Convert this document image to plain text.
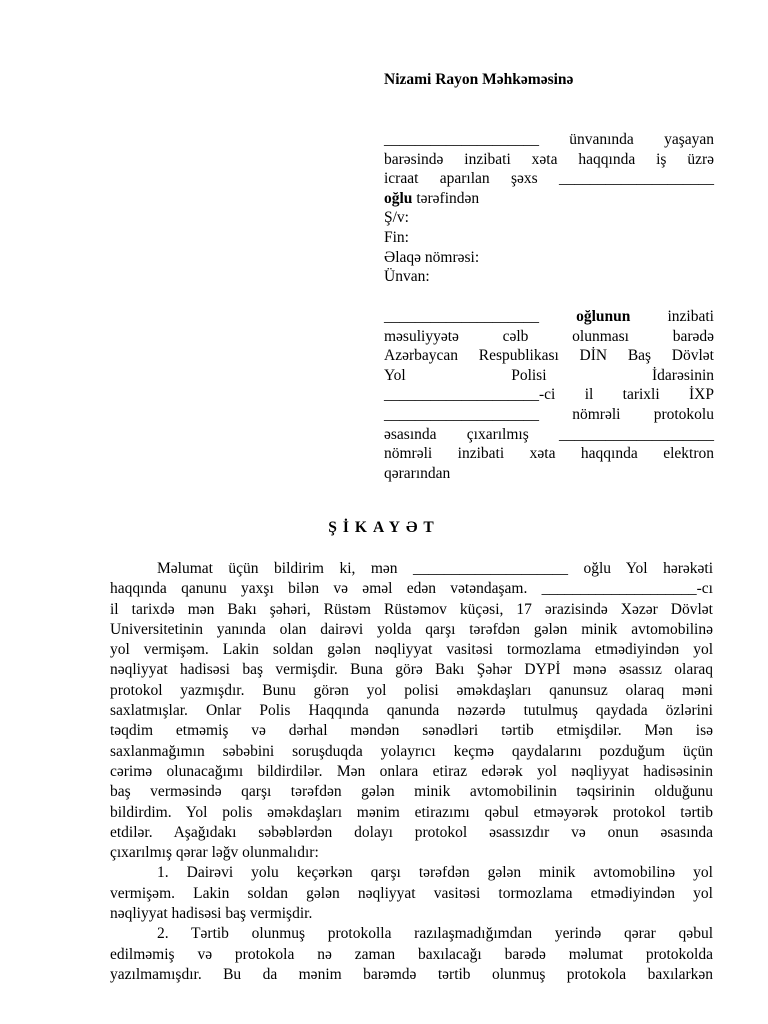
Nizami Rayon Məhkəməsinə
____________________ ünvanında yaşayan
barəsində inzibati xəta haqqında iş üzrə
icraat aparılan şəxs ____________________
oğlu tərəfindən
Ş/v:
Fin:
Əlaqə nömrəsi:
Ünvan:
____________________ oğlunun inzibati
məsuliyyətə cəlb olunması barədə
Azərbaycan Respublikası DİN Baş Dövlət
Yol Polisi İdarəsinin
____________________-ci il tarixli İXP
____________________ nömrəli protokolu
əsasında çıxarılmış ____________________
nömrəli inzibati xəta haqqında elektron
qərarından
ŞİKAYƏT
Məlumat üçün bildirim ki, mən ____________________ oğlu Yol hərəkəti
haqqında qanunu yaxşı bilən və əməl edən vətəndaşam. ____________________-cı
il tarixdə mən Bakı şəhəri, Rüstəm Rüstəmov küçəsi, 17 ərazisində Xəzər Dövlət
Universitetinin yanında olan dairəvi yolda qarşı tərəfdən gələn minik avtomobilinə
yol vermişəm. Lakin soldan gələn nəqliyyat vasitəsi tormozlama etmədiyindən yol
nəqliyyat hadisəsi baş vermişdir. Buna görə Bakı Şəhər DYPİ mənə əsassız olaraq
protokol yazmışdır. Bunu görən yol polisi əməkdaşları qanunsuz olaraq məni
saxlatmışlar. Onlar Polis Haqqında qanunda nəzərdə tutulmuş qaydada özlərini
təqdim etməmiş və dərhal məndən sənədləri tərtib etmişdilər. Mən isə
saxlanmağımın səbəbini soruşduqda yolayrıcı keçmə qaydalarını pozduğum üçün
cərimə olunacağımı bildirdilər. Mən onlara etiraz edərək yol nəqliyyat hadisəsinin
baş verməsində qarşı tərəfdən gələn minik avtomobilinin təqsirinin olduğunu
bildirdim. Yol polis əməkdaşları mənim etirazımı qəbul etməyərək protokol tərtib
etdilər. Aşağıdakı səbəblərdən dolayı protokol əsassızdır və onun əsasında
çıxarılmış qərar ləğv olunmalıdır:
1. Dairəvi yolu keçərkən qarşı tərəfdən gələn minik avtomobilinə yol
vermişəm. Lakin soldan gələn nəqliyyat vasitəsi tormozlama etmədiyindən yol
nəqliyyat hadisəsi baş vermişdir.
2. Tərtib olunmuş protokolla razılaşmadığımdan yerində qərar qəbul
edilməmiş və protokola nə zaman baxılacağı barədə məlumat protokolda
yazılmamışdır. Bu da mənim barəmdə tərtib olunmuş protokola baxılarkən
